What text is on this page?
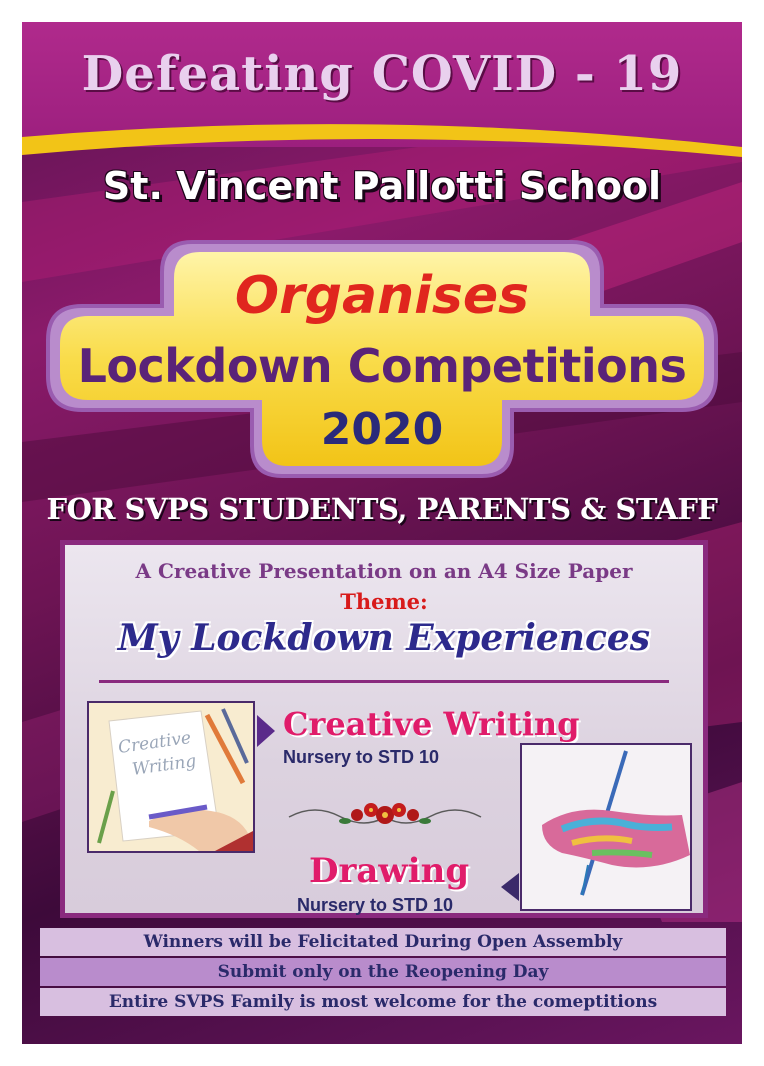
Defeating COVID - 19
St. Vincent Pallotti School
Organises
Lockdown Competitions
2020
FOR SVPS STUDENTS, PARENTS & STAFF
A Creative Presentation on an A4 Size Paper
Theme:
My Lockdown Experiences
Creative
Writing
Creative Writing
Nursery to STD 10
Drawing
Nursery to STD 10
Winners will be Felicitated During Open Assembly
Submit only on the Reopening Day
Entire SVPS Family is most welcome for the comeptitions
